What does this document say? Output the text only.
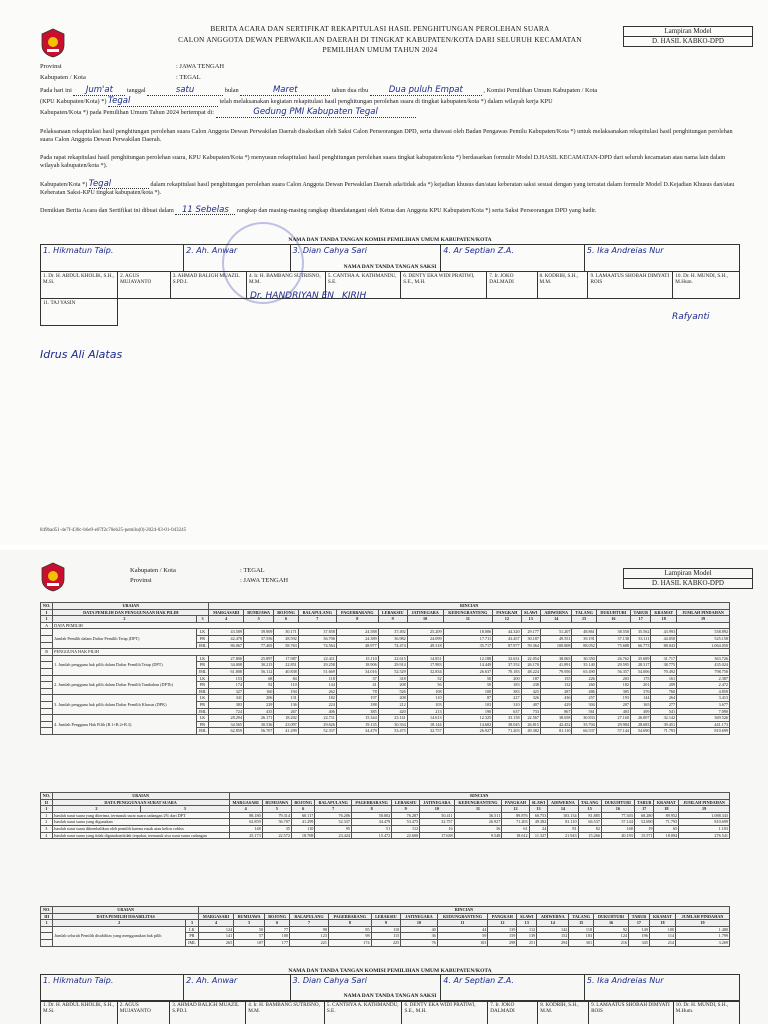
BERITA ACARA DAN SERTIFIKAT REKAPITULASI HASIL PENGHITUNGAN PEROLEHAN SUARA
CALON ANGGOTA DEWAN PERWAKILAN DAERAH DI TINGKAT KABUPATEN/KOTA DARI SELURUH KECAMATAN
PEMILIHAN UMUM TAHUN 2024
Lampiran Model
D. HASIL KABKO-DPD
Provinsi	: JAWA TENGAH
Kabupaten / Kota	: TEGAL
Pada hari ini Jum'at tanggal	satu	bulan	Maret	tahun dua ribu Dua puluh Empat	, Komisi Pemilihan Umum Kabupaten / Kota
(KPU Kabupaten/Kota) *) Tegal	telah melaksanakan kegiatan rekapitulasi hasil penghitungan perolehan suara di tingkat kabupaten/kota *) dalam wilayah kerja KPU
Kabupaten/Kota *) pada Pemilihan Umum Tahun 2024 bertempat di:	Gedung PMI Kabupaten Tegal
Pelaksanaan rekapitulasi hasil penghitungan perolehan suara Calon Anggota Dewan Perwakilan Daerah disaksikan oleh Saksi Calon Perseorangan DPD, serta diawasi oleh Badan Pengawas Pemilu Kabupaten/Kota *) untuk melaksanakan rekapitulasi hasil penghitungan perolehan suara Calon Anggota Dewan Perwakilan Daerah.
Pada rapat rekapitulasi hasil penghitungan perolehan suara, KPU Kabupaten/Kota *) menyusun rekapitulasi hasil penghitungan perolehan suara tingkat kabupaten/kota *) berdasarkan formulir Model D.HASIL KECAMATAN-DPD dari seluruh kecamatan atau nama lain dalam wilayah kabupaten/kota *).
Kabupaten/Kota *) Tegal	dalam rekapitulasi hasil penghitungan perolehan suara Calon Anggota Dewan Perwakilan Daerah ada/tidak ada *) kejadian khusus dan/atau keberatan saksi sesuai dengan yang tercatat dalam formulir Model D.Kejadian Khusus dan/atau Keberatan Saksi-KPU tingkat kabupaten/kota *).
Demikian Berita Acara dan Sertifikat ini dibuat dalam 11 Sebelas rangkap dan masing-masing rangkap ditandatangani oleh Ketua dan Anggota KPU Kabupaten/Kota *) serta Saksi Perseorangan DPD yang hadir.
NAMA DAN TANDA TANGAN KOMISI PEMILIHAN UMUM KABUPATEN/KOTA
NAMA DAN TANDA TANGAN SAKSI
1. Hikmatun Taip.	2. Ah. Anwar	3. Dian Cahya Sari	4. Ar Septian Z.A.	5. Ika Andreias Nur
1. Dr. H. ABDUL KHOLIK, S.H., M.Si.	2. AGUS MUJAYANTO	3. AHMAD BALIGH MUAZIL S.PD.I.	4. Ir. H. BAMBANG SUTRISNO, M.M.	5. CANTHA A. KATHMANDU, S.E.	6. DENTY EKA WIDI PRATIWI, S.E., M.H.	7. Ir. JOKO DALMADI	8. KODRIH, S.H., M.M.	9. LAMAATUS SHOBAH DIMYATI ROIS	10. Dr. H. MUNDI, S.H., M.Hum.
11. TAJ YASIN									
Dr. HANDRIYAN EN KIRIH
Rafyanti
Idrus Ali Alatas
849bad51-4e7f-430c-b6e9-e07f2c70eb25-pemilu(0)-2024-03-01-043245
Kabupaten / Kota	: TEGAL
Provinsi	: JAWA TENGAH
Lampiran Model
D. HASIL KABKO-DPD
NO.	URAIAN		RINCIAN															
I	DATA PEMILIH DAN PENGGUNAAN HAK PILIH		MARGASARI	BUMIJAWA	BOJONG	BALAPULANG	PAGERBARANG	LEBAKSIU	JATINEGARA	KEDUNGBANTENG	PANGKAH	SLAWI	ADIWERNA	TALANG	DUKUHTURI	TARUB	KRAMAT	JUMLAH PINDAHAN
1	2	3	4	5	6	7	8	9	10	11	12	13	14	15	16	17	18	19
A	DATA PEMILIH																	
	Jumlah Pemilih dalam Daftar Pemilih Tetap (DPT)	LK	43.589	39.909	30.171	37.858	24.588	37.492	25.209	18.006	44.320	29.177	51.207	48.861	38.550	35.562	43.993	538.892
		PR	42.478	37.556	28.592	36.706	24.389	36.982	24.099	17.711	43.457	30.187	49.551	39.191	37.138	33.111	44.050	525.158
		JML	86.067	77.465	58.763	74.564	48.977	74.474	49.318	35.717	87.977	59.364	100.808	88.052	75.688	66.773	88.043	1.064.050
B	PENGGUNA HAK PILIH																	
	1. Jumlah pengguna hak pilih dalam Daftar Pemilih Tetap (DPT)	LK	27.800	25.897	17.987	22.411	15.110	22.615	14.851	12.188	32.631	22.054	38.065	30.350	26.762	25.689	31.717	363.726
		PR	34.008	30.215	22.851	29.258	18.906	29.914	17.983	14.449	37.552	26.170	41.891	35.140	29.595	28.317	38.775	435.024
		JML	61.808	56.112	40.838	51.669	34.016	52.529	32.834	26.637	70.183	48.224	79.956	65.490	56.357	54.006	70.492	798.750
	2. Jumlah pengguna hak pilih dalam Daftar Pemilih Tambahan (DPTb)	LK	153	68	84	118	37	318	52	50	200	187	155	226	203	175	161	2.387
		PR	174	92	110	144	41	208	56	50	183	238	132	260	182	201	209	2.472
		JML	327	160	194	262	78	526	108	100	383	425	287	486	385	376	760	4.859
	3. Jumlah pengguna hak pilih dalam Daftar Pemilih Khusus (DPK)	LK	341	206	131	182	197	208	110	87	227	326	436	257	193	144	264	3.413
		PR	383	229	136	224	188	212	103	103	310	407	429	304	207	165	277	3.677
		JML	724	435	267	406	385	420	213	190	637	733	867	561	403	309	541	7.090
	4. Jumlah Pengguna Hak Pilih (B.1+B.2+B.3)	LK	28.294	26.171	18.202	22.711	15.344	23.141	14.613	12.325	33.158	22.567	38.658	30.833	27.160	26.007	32.142	369.526
		PR	34.565	30.536	23.097	29.626	19.135	30.334	18.144	14.602	38.045	26.815	42.452	35.704	29.984	28.683	39.451	441.173
		JML	62.859	56.707	41.299	52.337	34.479	53.475	32.757	26.927	71.203	49.382	81.110	66.537	57.144	54.690	71.793	810.699
NO.	URAIAN		RINCIAN															
II	DATA PENGGUNAAN SURAT SUARA		MARGASARI	BUMIJAWA	BOJONG	BALAPULANG	PAGERBARANG	LEBAKSIU	JATINEGARA	KEDUNGBANTENG	PANGKAH	SLAWI	ADIWERNA	TALANG	DUKUHTURI	TARUB	KRAMAT	JUMLAH PINDAHAN
1	2	3	4	5	6	7	8	9	10	11	12	13	14	15	16	17	18	19
1	Jumlah surat suara yang diterima, termasuk surat suara cadangan 2% dari DPT		88.180	79.314	60.117	76.206	50.002	76.287	50.411	36.511	89.876	60.753	103.134	81.885	77.303	68.280	89.952	1.088.343
2	Jumlah surat suara yang digunakan		62.859	56.707	41.299	52.337	34.479	53.475	32.757	26.927	71.203	49.382	81.110	66.537	57.144	52.690	71.793	810.699
3	Jumlah surat suara dikembalikan oleh pemilih karena rusak atau keliru coblos		148	35	110	95	51	112	16	36	61	24	81	82	168	19	65	1.103
4	Jumlah surat suara yang tidak digunakan/tidak terpakai, termasuk sisa surat suara cadangan		25.173	22.572	18.708	23.424	15.472	22.600	17.638	9.548	18.612	11.327	21.943	15.266	20.193	15.571	18.094	276.541
NO.	URAIAN		RINCIAN															
III	DATA PEMILIH DISABILITAS		MARGASARI	BUMIJAWA	BOJONG	BALAPULANG	PAGERBARANG	LEBAKSIU	JATINEGARA	KEDUNGBANTENG	PANGKAH	SLAWI	ADIWERNA	TALANG	DUKUHTURI	TARUB	KRAMAT	JUMLAH PINDAHAN
1	2	3	4	5	6	7	8	9	10	11	12	13	14	15	16	17	18	19
	Jumlah seluruh Pemilih disabilitas yang menggunakan hak pilih	LK	124	50	77	98	85	110	40	44	139	112	142	118	92	149	100	1.480
		PR	141	57	100	123	98	115	36	59	159	139	152	183	124	196	114	1.799
		JML	265	107	177	221	174	225	76	103	298	251	294	301	216	345	214	3.269
NAMA DAN TANDA TANGAN KOMISI PEMILIHAN UMUM KABUPATEN/KOTA
1. Hikmatun Taip.	2. Ah. Anwar	3. Dian Cahya Sari	4. Ar Septian Z.A.	5. Ika Andreias Nur
NAMA DAN TANDA TANGAN SAKSI
1. Dr. H. ABDUL KHOLIK, S.H., M.Si.	2. AGUS MUJAYANTO	3. AHMAD BALIGH MUAZIL S.PD.I.	4. Ir. H. BAMBANG SUTRISNO, M.M.	5. CANTHYA A. KATHMANDU, S.E.	6. DENTY EKA WIDI PRATIWI, S.E., M.H.	7. Ir. JOKO DALMADI	8. KODRIH, S.H., M.M.	9. LAMAATUS SHOBAH DIMYATI ROIS	10. Dr. H. MUNDI, S.H., M.Hum.
